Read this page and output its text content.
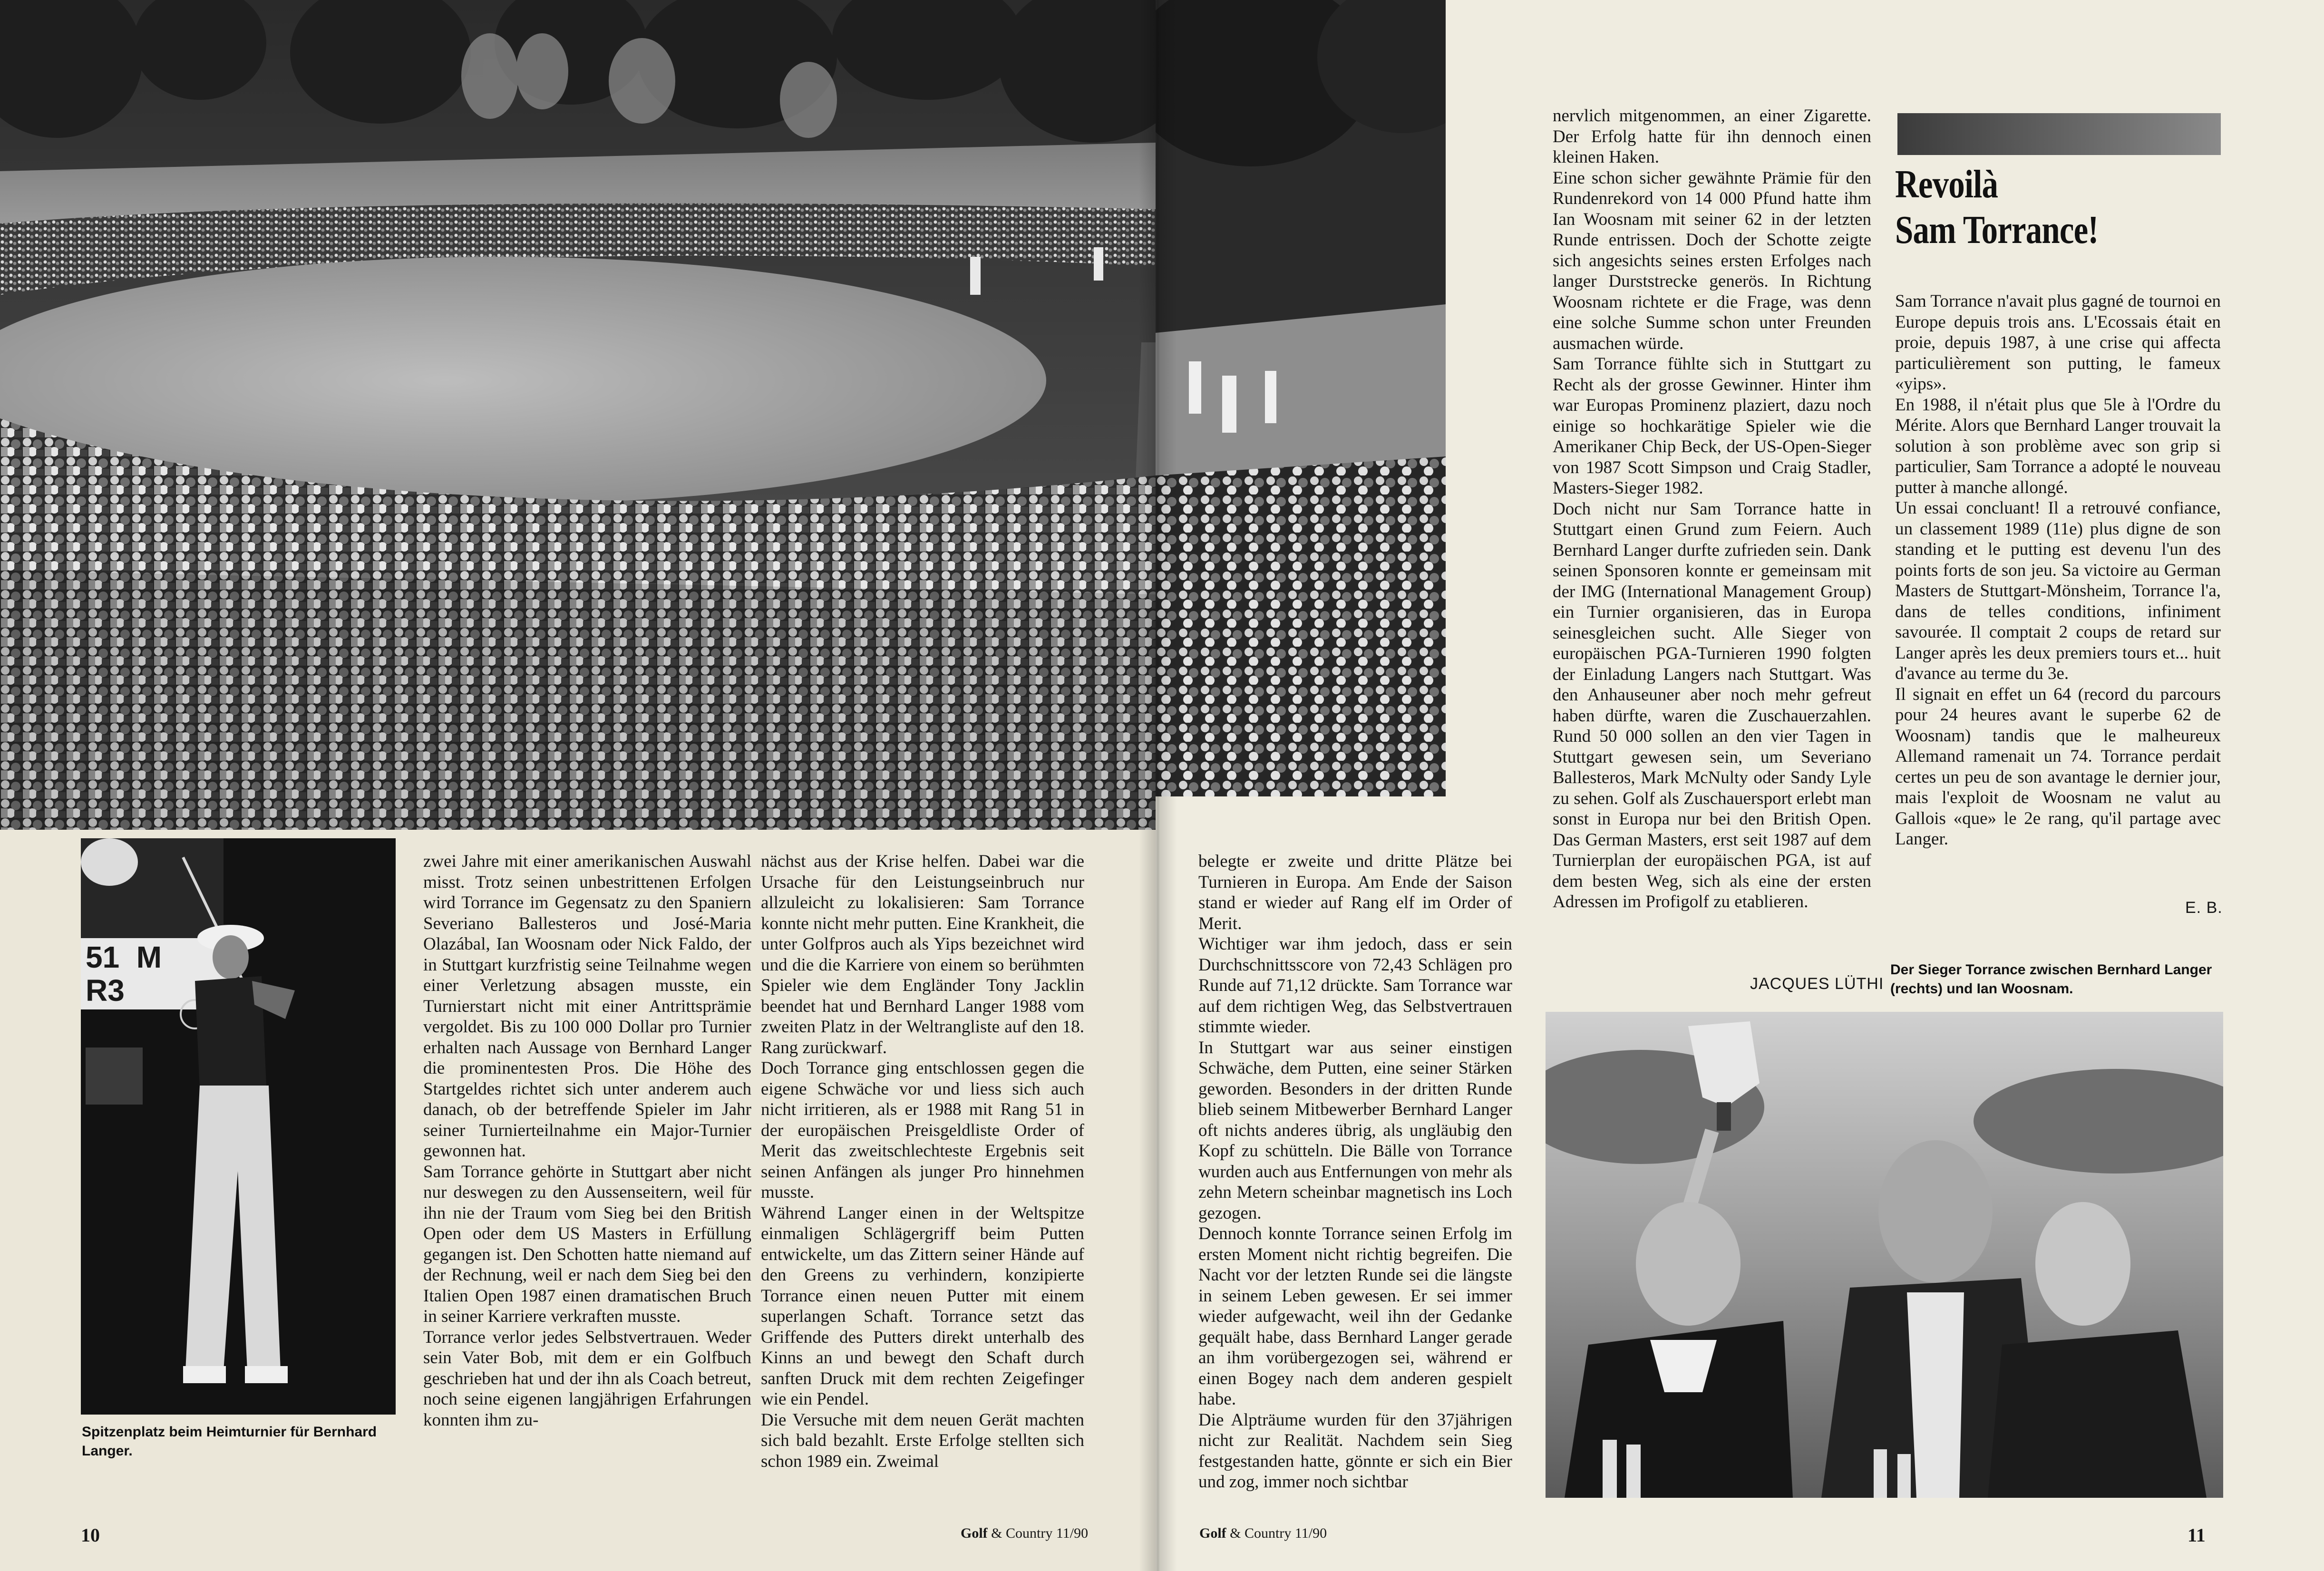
51  M
R3
Spitzenplatz beim Heimturnier für Bernhard Langer.

zwei Jahre mit einer amerikanischen Auswahl misst. Trotz seinen unbestrittenen Erfolgen wird Torrance im Gegensatz zu den Spaniern Severiano Ballesteros und José-Maria Olazábal, Ian Woosnam oder Nick Faldo, der in Stuttgart kurzfristig seine Teilnahme wegen einer Verletzung absagen musste, ein Turnierstart nicht mit einer Antrittsprämie vergoldet. Bis zu 100 000 Dollar pro Turnier erhalten nach Aussage von Bernhard Langer die prominentesten Pros. Die Höhe des Startgeldes richtet sich unter anderem auch danach, ob der betreffende Spieler im Jahr seiner Turnierteilnahme ein Major-Turnier gewonnen hat.

Sam Torrance gehörte in Stuttgart aber nicht nur deswegen zu den Aussenseitern, weil für ihn nie der Traum vom Sieg bei den British Open oder dem US Masters in Erfüllung gegangen ist. Den Schotten hatte niemand auf der Rechnung, weil er nach dem Sieg bei den Italien Open 1987 einen dramatischen Bruch in seiner Karriere verkraften musste.

Torrance verlor jedes Selbstvertrauen. Weder sein Vater Bob, mit dem er ein Golfbuch geschrieben hat und der ihn als Coach betreut, noch seine eigenen langjährigen Erfahrungen konnten ihm zu-

nächst aus der Krise helfen. Dabei war die Ursache für den Leistungseinbruch nur allzuleicht zu lokalisieren: Sam Torrance konnte nicht mehr putten. Eine Krankheit, die unter Golfpros auch als Yips bezeichnet wird und die die Karriere von einem so berühmten Spieler wie dem Engländer Tony Jacklin beendet hat und Bernhard Langer 1988 vom zweiten Platz in der Weltrangliste auf den 18. Rang zurückwarf.

Doch Torrance ging entschlossen gegen die eigene Schwäche vor und liess sich auch nicht irritieren, als er 1988 mit Rang 51 in der europäischen Preisgeldliste Order of Merit das zweitschlechteste Ergebnis seit seinen Anfängen als junger Pro hinnehmen musste.

Während Langer einen in der Weltspitze einmaligen Schlägergriff beim Putten entwickelte, um das Zittern seiner Hände auf den Greens zu verhindern, konzipierte Torrance einen neuen Putter mit einem superlangen Schaft. Torrance setzt das Griffende des Putters direkt unterhalb des Kinns an und bewegt den Schaft durch sanften Druck mit dem rechten Zeigefinger wie ein Pendel.

Die Versuche mit dem neuen Gerät machten sich bald bezahlt. Erste Erfolge stellten sich schon 1989 ein. Zweimal

10	Golf & Country 11/90

nervlich mitgenommen, an einer Zigarette. Der Erfolg hatte für ihn dennoch einen kleinen Haken.

Eine schon sicher gewähnte Prämie für den Rundenrekord von 14 000 Pfund hatte ihm Ian Woosnam mit seiner 62 in der letzten Runde entrissen. Doch der Schotte zeigte sich angesichts seines ersten Erfolges nach langer Durststrecke generös. In Richtung Woosnam richtete er die Frage, was denn eine solche Summe schon unter Freunden ausmachen würde.

Sam Torrance fühlte sich in Stuttgart zu Recht als der grosse Gewinner. Hinter ihm war Europas Prominenz plaziert, dazu noch einige so hochkarätige Spieler wie die Amerikaner Chip Beck, der US-Open-Sieger von 1987 Scott Simpson und Craig Stadler, Masters-Sieger 1982.

Doch nicht nur Sam Torrance hatte in Stuttgart einen Grund zum Feiern. Auch Bernhard Langer durfte zufrieden sein. Dank seinen Sponsoren konnte er gemeinsam mit der IMG (International Management Group) ein Turnier organisieren, das in Europa seinesgleichen sucht. Alle Sieger von europäischen PGA-Turnieren 1990 folgten der Einladung Langers nach Stuttgart. Was den Anhauseuner aber noch mehr gefreut haben dürfte, waren die Zuschauerzahlen. Rund 50 000 sollen an den vier Tagen in Stuttgart gewesen sein, um Severiano Ballesteros, Mark McNulty oder Sandy Lyle zu sehen. Golf als Zuschauersport erlebt man sonst in Europa nur bei den British Open. Das German Masters, erst seit 1987 auf dem Turnierplan der europäischen PGA, ist auf dem besten Weg, sich als eine der ersten Adressen im Profigolf zu etablieren.

JACQUES LÜTHI

belegte er zweite und dritte Plätze bei Turnieren in Europa. Am Ende der Saison stand er wieder auf Rang elf im Order of Merit.

Wichtiger war ihm jedoch, dass er sein Durchschnittsscore von 72,43 Schlägen pro Runde auf 71,12 drückte. Sam Torrance war auf dem richtigen Weg, das Selbstvertrauen stimmte wieder.

In Stuttgart war aus seiner einstigen Schwäche, dem Putten, eine seiner Stärken geworden. Besonders in der dritten Runde blieb seinem Mitbewerber Bernhard Langer oft nichts anderes übrig, als ungläubig den Kopf zu schütteln. Die Bälle von Torrance wurden auch aus Entfernungen von mehr als zehn Metern scheinbar magnetisch ins Loch gezogen.

Dennoch konnte Torrance seinen Erfolg im ersten Moment nicht richtig begreifen. Die Nacht vor der letzten Runde sei die längste in seinem Leben gewesen. Er sei immer wieder aufgewacht, weil ihn der Gedanke gequält habe, dass Bernhard Langer gerade an ihm vorübergezogen sei, während er einen Bogey nach dem anderen gespielt habe.

Die Alpträume wurden für den 37jährigen nicht zur Realität. Nachdem sein Sieg festgestanden hatte, gönnte er sich ein Bier und zog, immer noch sichtbar

Revoilà
Sam Torrance!

Sam Torrance n'avait plus gagné de tournoi en Europe depuis trois ans. L'Ecossais était en proie, depuis 1987, à une crise qui affecta particulièrement son putting, le fameux «yips».

En 1988, il n'était plus que 5le à l'Ordre du Mérite. Alors que Bernhard Langer trouvait la solution à son problème avec son grip si particulier, Sam Torrance a adopté le nouveau putter à manche allongé.

Un essai concluant! Il a retrouvé confiance, un classement 1989 (11e) plus digne de son standing et le putting est devenu l'un des points forts de son jeu. Sa victoire au German Masters de Stuttgart-Mönsheim, Torrance l'a, dans de telles conditions, infiniment savourée. Il comptait 2 coups de retard sur Langer après les deux premiers tours et... huit d'avance au terme du 3e.

Il signait en effet un 64 (record du parcours pour 24 heures avant le superbe 62 de Woosnam) tandis que le malheureux Allemand ramenait un 74. Torrance perdait certes un peu de son avantage le dernier jour, mais l'exploit de Woosnam ne valut au Gallois «que» le 2e rang, qu'il partage avec Langer.

E. B.
Der Sieger Torrance zwischen Bernhard Langer (rechts) und Ian Woosnam.
Golf & Country 11/90	11
